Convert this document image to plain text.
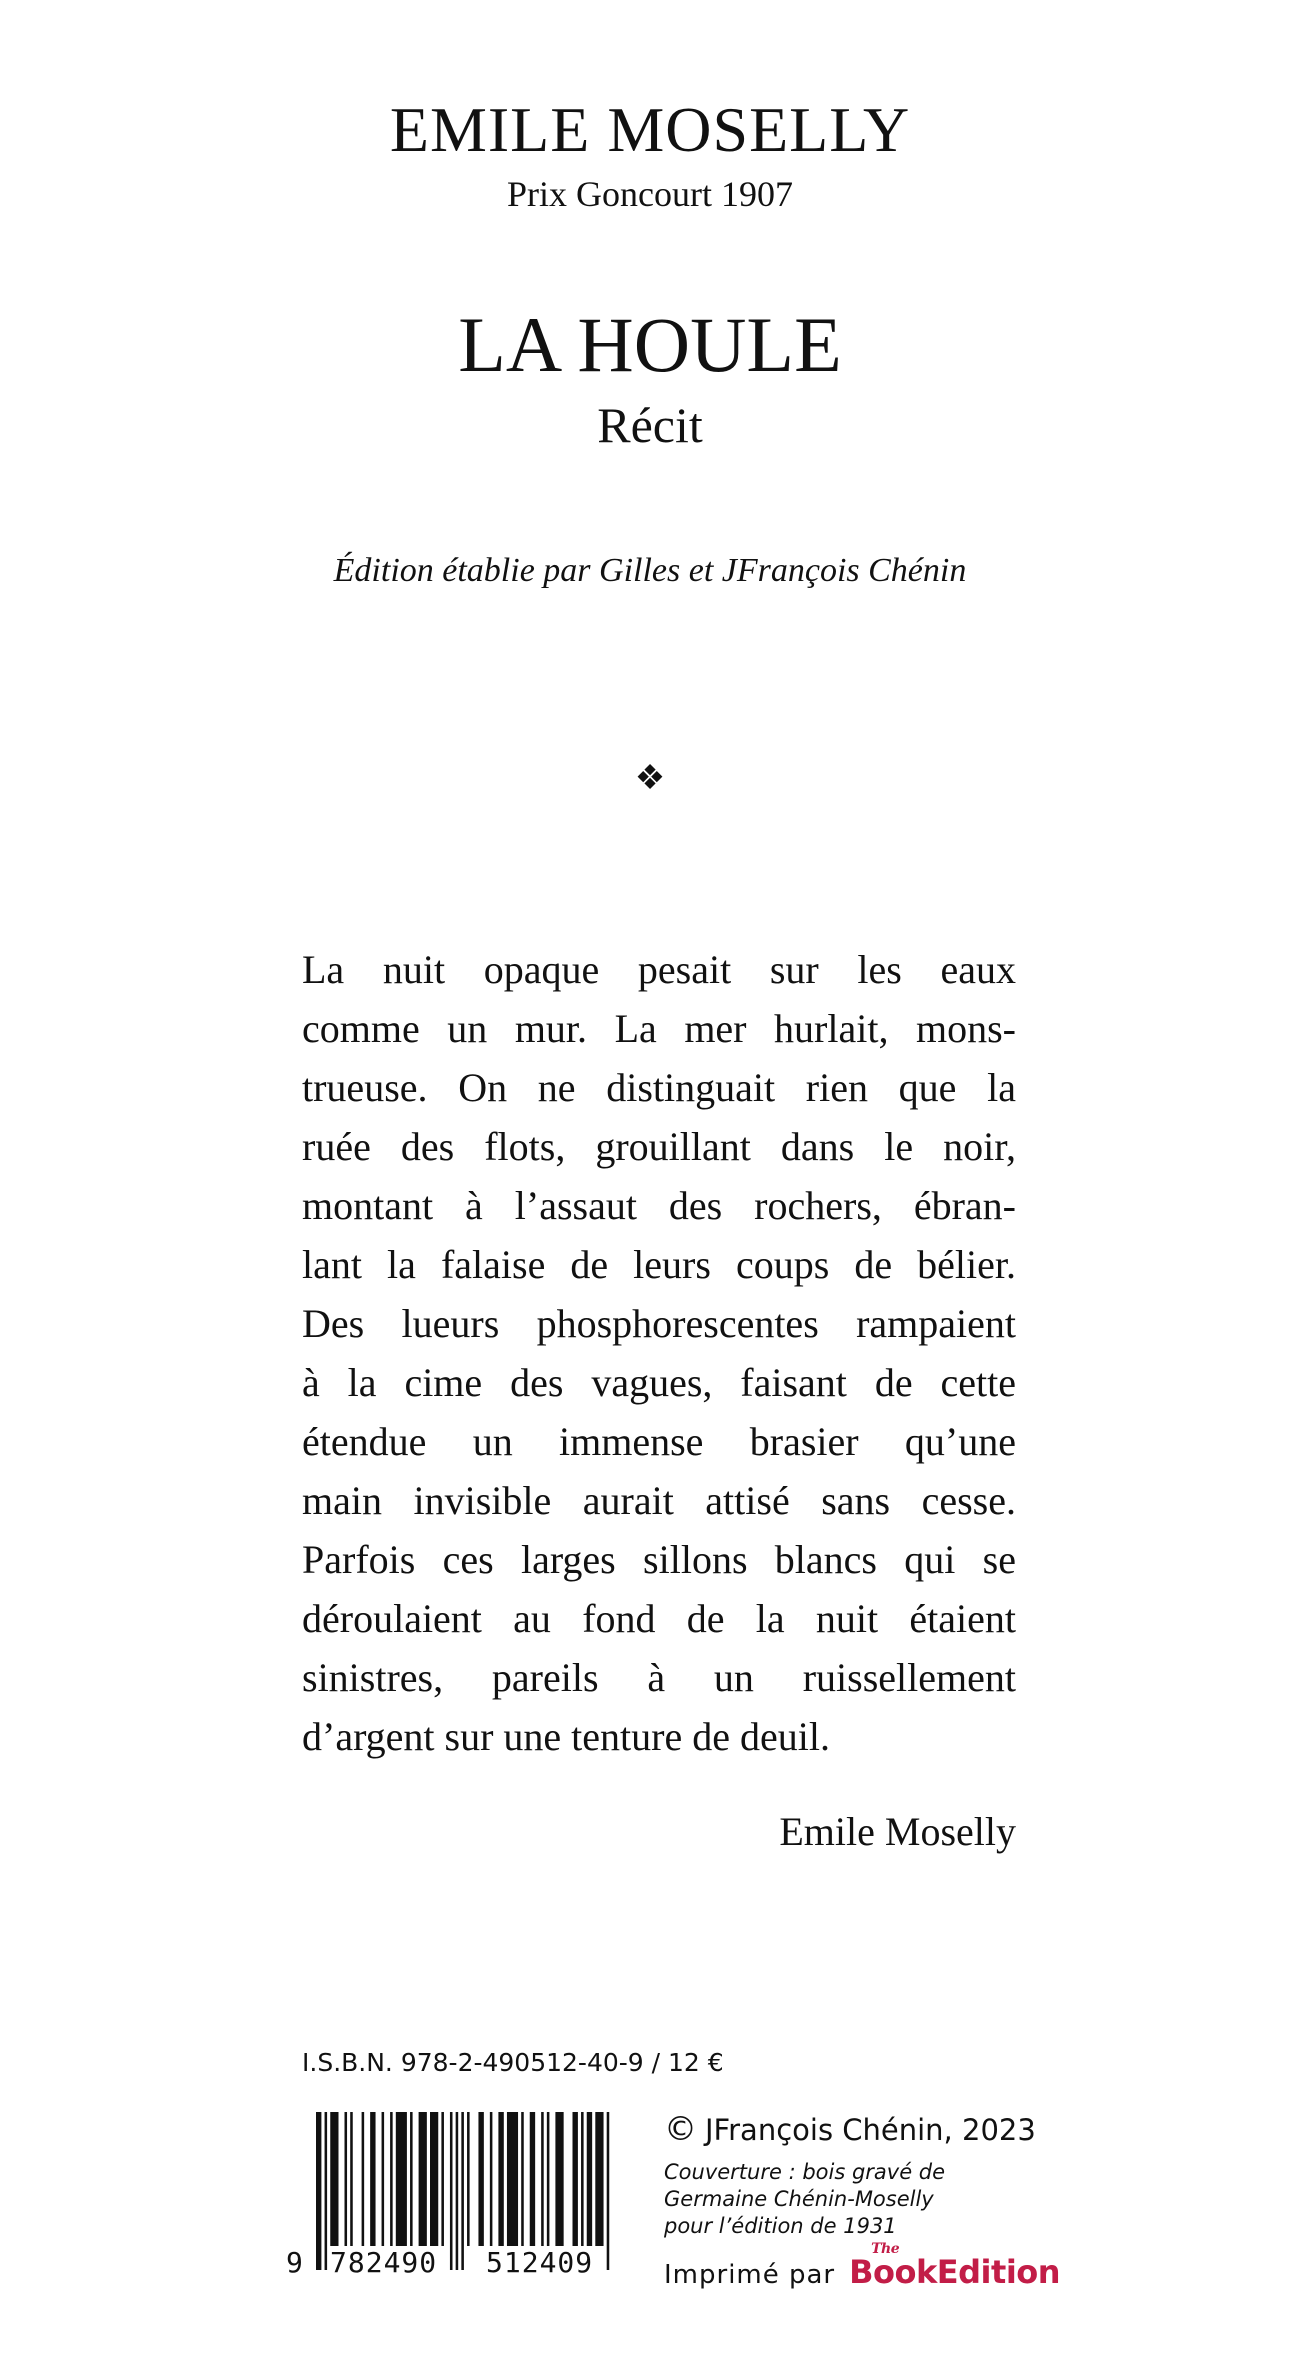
EMILE MOSELLY
Prix Goncourt 1907
LA HOULE
Récit
Édition établie par Gilles et JFrançois Chénin
❖
La nuit opaque pesait sur les eaux
comme un mur. La mer hurlait, mons-
trueuse. On ne distinguait rien que la
ruée des flots, grouillant dans le noir,
montant à l’assaut des rochers, ébran-
lant la falaise de leurs coups de bélier.
Des lueurs phosphorescentes rampaient
à la cime des vagues, faisant de cette
étendue un immense brasier qu’une
main invisible aurait attisé sans cesse.
Parfois ces larges sillons blancs qui se
déroulaient au fond de la nuit étaient
sinistres, pareils à un ruissellement
d’argent sur une tenture de deuil.
Emile Moselly
I.S.B.N. 978-2-490512-40-9 / 12 €
9 782490 512409
© JFrançois Chénin, 2023
Couverture : bois gravé de
Germaine Chénin-Moselly
pour l’édition de 1931
Imprimé par
The
BookEdition
